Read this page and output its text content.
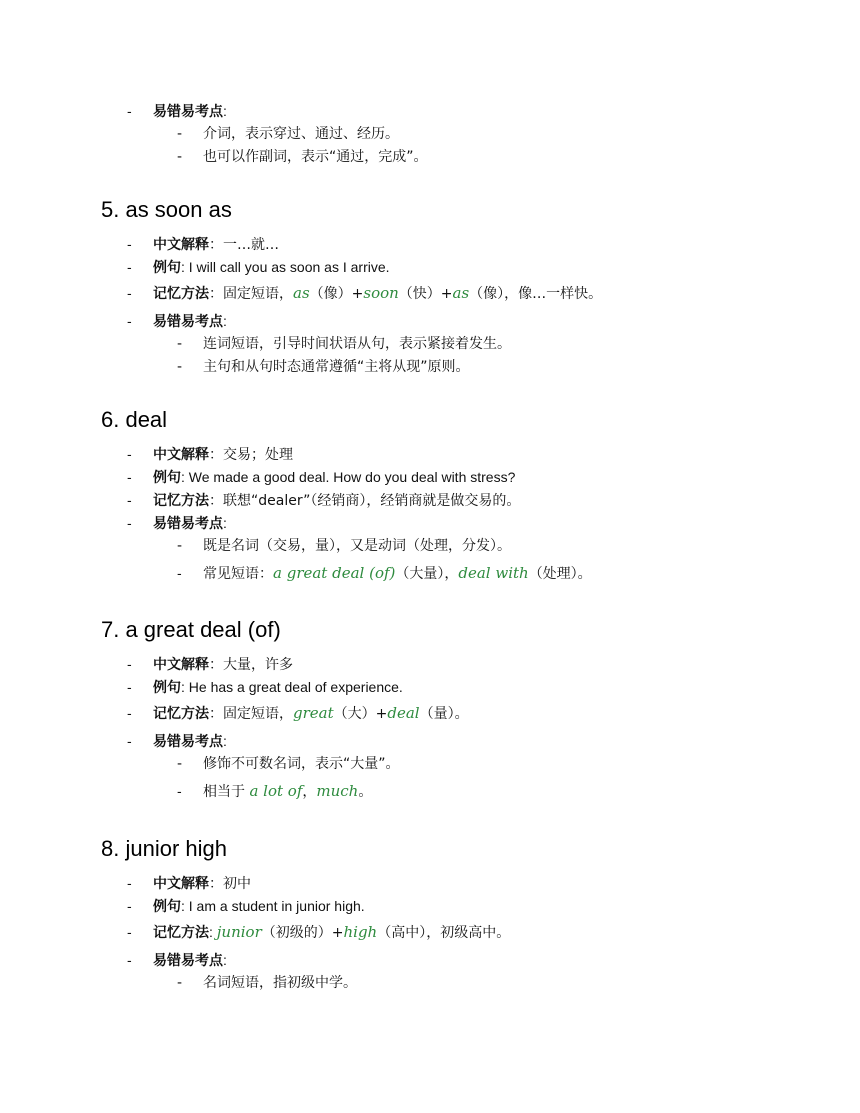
- 易错易考点:
- 介词，表示穿过、通过、经历。
- 也可以作副词，表示“通过，完成”。
5. as soon as
- 中文解释：一…就…
- 例句: I will call you as soon as I arrive.
- 记忆方法：固定短语，as（像）+soon（快）+as（像），像…一样快。
- 易错易考点:
- 连词短语，引导时间状语从句，表示紧接着发生。
- 主句和从句时态通常遵循“主将从现”原则。
6. deal
- 中文解释：交易；处理
- 例句: We made a good deal. How do you deal with stress?
- 记忆方法：联想“dealer”（经销商），经销商就是做交易的。
- 易错易考点:
- 既是名词（交易，量），又是动词（处理，分发）。
- 常见短语：a great deal (of)（大量），deal with（处理）。
7. a great deal (of)
- 中文解释：大量，许多
- 例句: He has a great deal of experience.
- 记忆方法：固定短语，great（大）+deal（量）。
- 易错易考点:
- 修饰不可数名词，表示“大量”。
- 相当于 a lot of，much。
8. junior high
- 中文解释：初中
- 例句: I am a student in junior high.
- 记忆方法: junior（初级的）+high（高中），初级高中。
- 易错易考点:
- 名词短语，指初级中学。
